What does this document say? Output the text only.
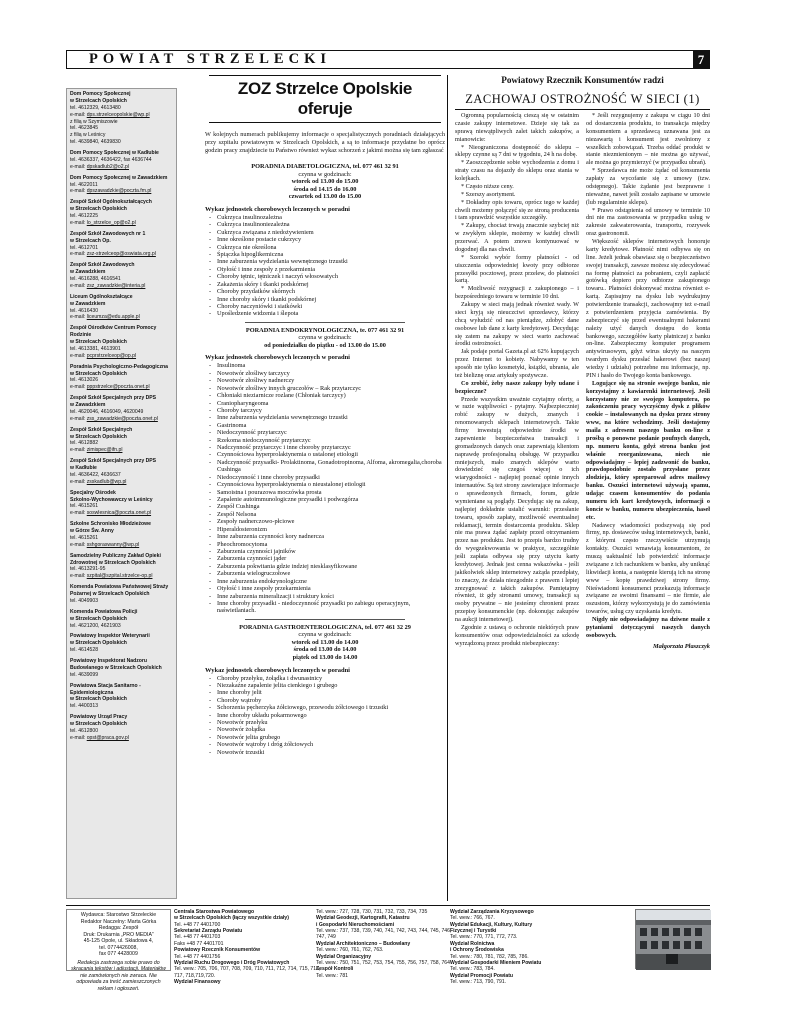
POWIAT STRZELECKI	7
Dom Pomocy Społecznej
w Strzelcach Opolskich
tel. 4612329, 4613480
e-mail: dps.strzelceopolskie@wp.pl
z filią w Szymiszowie
tel. 4623845
z filią w Leśnicy
tel. 4639840, 4639830
Dom Pomocy Społecznej w Kadłubie
tel. 4636337, 4636422, fax 4636744
e-mail: dpskadlub2@o2.pl
Dom Pomocy Społecznej w Zawadzkiem
tel. 4622011
e-mail: dpszawadzkie@poczta.fm.pl
Zespół Szkół Ogólnokształcących
w Strzelcach Opolskich
tel. 4612225
e-mail: lo_strzelce_op@o2.pl
Zespół Szkół Zawodowych nr 1
w Strzelcach Op.
tel. 4612701
e-mail: zsz-strzelceop@oswiata.org.pl
Zespół Szkół Zawodowych
w Zawadzkiem
tel. 4616288, 4616541
e-mail: zsz_zawadzkie@interia.pl
Liceum Ogólnokształcące
w Zawadzkiem
tel. 4616430
e-mail: liceumza@edu.apple.pl
Zespół Ośrodków Centrum Pomocy Rodzinie
w Strzelcach Opolskich
tel. 4613381, 4613901
e-mail: pcprstrzelceop@op.pl
Poradnia Psychologiczno-Pedagogiczna
w Strzelcach Opolskich
tel. 4613026
e-mail: pppstrzelce@poczta.onet.pl
Zespół Szkół Specjalnych przy DPS
w Zawadzkiem
tel. 4620046, 4616049, 4620049
e-mail: zss_zawadzkie@poczta.onet.pl
Zespół Szkół Specjalnych
w Strzelcach Opolskich
tel. 4612882
e-mail: zimispec@ifn.pl
Zespół Szkół Specjalnych przy DPS
w Kadłubie
tel. 4636422, 4636637
e-mail: zsskadlub@wp.pl
Specjalny Ośrodek
Szkolno-Wychowawczy w Leśnicy
tel. 4615261
e-mail: soswlesnica@poczta.onet.pl
Szkolne Schronisko Młodzieżowe
w Górze Św. Anny
tel. 4615261
e-mail: sshgoraswanny@wp.pl
Samodzielny Publiczny Zakład Opieki
Zdrowotnej w Strzelcach Opolskich
tel. 4613291-95
e-mail: szpital@szpital.strzelce-op.pl
Komenda Powiatowa Państwowej Straży
Pożarnej w Strzelcach Opolskich
tel. 4049903
Komenda Powiatowa Policji
w Strzelcach Opolskich
tel. 4621200, 4621903
Powiatowy Inspektor Weterynarii
w Strzelcach Opolskich
tel. 4614528
Powiatowy Inspektorat Nadzoru
Budowlanego w Strzelcach Opolskich
tel. 4639099
Powiatowa Stacja Sanitarno -
Epidemiologiczna
w Strzelcach Opolskich
tel. 4400313
Powiatowy Urząd Pracy
w Strzelcach Opolskich
tel. 4612800
e-mail: opst@praca.gov.pl
ZOZ Strzelce Opolskie oferuje
W kolejnych numerach publikujemy informacje o specjalistycznych poradniach działających przy szpitalu powiatowym w Strzelcach Opolskich, a są to informacje przydatne bo oprócz godzin pracy znajdziecie tu Państwo również wykaz schorzeń z jakimi można się tam zgłaszać
PORADNIA DIABETOLOGICZNA, tel. 077 461 32 91
czynna w godzinach:
wtorek od 13.00 do 15.00
środa od 14.15 do 16.00
czwartek od 13.00 do 15.00
Wykaz jednostek chorobowych leczonych w poradni
- Cukrzyca insulinozależna
- Cukrzyca insulinoniezależna
- Cukrzyca związana z niedożywieniem
- Inne określone postacie cukrzycy
- Cukrzyca nie określona
- Śpiączka hipoglikemiczna
- Inne zaburzenia wydzielania wewnętrznego trzustki
- Otyłość i inne zespoły z przekarmienia
- Choroby tętnic, tętniczek i naczyń włosowatych
- Zakażenia skóry i tkanki podskórnej
- Choroby przydatków skórnych
- Inne choroby skóry i tkanki podskórnej
- Choroby naczyniówki i siatkówki
- Upośledzenie widzenia i ślepota
PORADNIA ENDOKRYNOLOGICZNA, te. 077 461 32 91
czynna w godzinach:
od poniedziałku do piątku - od 13.00 do 15.00
Wykaz jednostek chorobowych leczonych w poradni
- Insulinoma
- Nowotwór złośliwy tarczycy
- Nowotwór złośliwy nadnerczy
- Nowotwór złośliwy innych gruczołów – Rak przytarczyc
- Chłoniaki nieziarnicze rozlane (Chłoniak tarczycy)
- Craniopharyngeoma
- Choroby tarczycy
- Inne zaburzenia wydzielania wewnętrznego trzustki
- Gastrinoma
- Niedoczynność przytarczyc
- Rzekoma niedoczynność przytarczyc
- Nadczynność przytarczyc i inne choroby przytarczyc
- Czynnościowa hyperprolaktynemia o ustalonej etiologii
- Nadczynność przysadki- Prolaktinoma, Gonadotropinoma, Alfoma, akromegalia,choroba Cushinga
- Niedoczynność i inne choroby przysadki
- Czynnościowa hyperprolaktynemia o nieustalonej etiologii
- Samoistna i pourazowa moczówka prosta
- Zapalenie autoimmunologiczne przysadki i podwzgórza
- Zespół Cushinga
- Zespół Nelsona
- Zespoły nadnerczowo-płciowe
- Hiperaldosteronizm
- Inne zaburzenia czynności kory nadnercza
- Pheochromocytoma
- Zaburzenia czynności jajników
- Zaburzenia czynności jąder
- Zaburzenia pokwitania gdzie indziej niesklasyfikowane
- Zaburzenia wielogruczołowe
- Inne zaburzenia endokrynologiczne
- Otyłość i inne zespoły przekarmienia
- Inne zaburzenia mineralizacji i struktury kości
- Inne choroby przysadki - niedoczynność przysadki po zabiegu operacyjnym, naświetlaniach.
PORADNIA GASTROENTEROLOGICZNA, tel. 077 461 32 29
czynna w godzinach:
wtorek od 13.00 do 14.00
środa od 13.00 do 14.00
piątek od 13.00 do 14.00
Wykaz jednostek chorobowych leczonych w poradni
- Choroby przełyku, żołądka i dwunastnicy
- Niezakaźne zapalenie jelita cienkiego i grubego
- Inne choroby jelit
- Choroby wątroby
- Schorzenia pęcherzyka żółciowego, przewodu żółciowego i trzustki
- Inne choroby układu pokarmowego
- Nowotwór przełyku
- Nowotwór żołądka
- Nowotwór jelita grubego
- Nowotwór wątroby i dróg żółciowych
- Nowotwór trzustki
Powiatowy Rzecznik Konsumentów radzi
ZACHOWAJ OSTROŻNOŚĆ W SIECI (1)

Ogromną popularnością cieszą się w ostatnim czasie zakupy internetowe. Dzieje się tak za sprawą niewątpliwych zalet takich zakupów, a mianowicie:

* Nieograniczona dostępność do sklepu – sklepy czynne są 7 dni w tygodniu, 24 h na dobę.

* Zaoszczędzenie sobie wychodzenia z domu i straty czasu na dojazdy do sklepu oraz stania w kolejkach.

* Często niższe ceny.

* Szerszy asortyment.

* Dokładny opis towaru, oprócz tego w każdej chwili możemy połączyć się ze stroną producenta i tam sprawdzić wszystkie szczegóły.

* Zakupy, chociaż trwają znacznie szybciej niż w zwykłym sklepie, możemy w każdej chwili przerwać. A potem znowu kontynuować w dogodnej dla nas chwili.

* Szeroki wybór formy płatności - od uiszczenia odpowiedniej kwoty przy odbiorze przesyłki pocztowej, przez przelew, do płatności kartą.

* Możliwość rezygnacji z zakupionego – i bezpośredniego towaru w terminie 10 dni.

Zakupy w sieci mają jednak również wady. W sieci kryją się nieuczciwi sprzedawcy, którzy chcą wyłudzić od nas pieniądze, zdobyć dane osobowe lub dane z karty kredytowej. Decydując się zatem na zakupy w sieci warto zachować środki ostrożności.

Jak podaje portal Gazeta.pl aż 62% kupujących przez Internet to kobiety. Nabywamy w ten sposób nie tylko kosmetyki, książki, ubrania, ale też bieliznę oraz artykuły spożywcze.

Co zrobić, żeby nasze zakupy były udane i bezpieczne?

Przede wszystkim uważnie czytajmy oferty, a w razie wątpliwości - pytajmy. Najbezpieczniej robić zakupy w dużych, znanych i renomowanych sklepach internetowych. Takie firmy inwestują odpowiednie środki w zapewnienie bezpieczeństwa transakcji i gromadzonych danych oraz zapewniają klientom naprawdę profesjonalną obsługę. W przypadku mniejszych, mało znanych sklepów warto dowiedzieć się czegoś więcej o ich wiarygodności - najlepiej poznać opinie innych internautów. Są też strony zawierające informacje o sprawdzonych firmach, forum, gdzie wymieniane są poglądy. Decydując się na zakup, najlepiej dokładnie ustalić warunki: przesłanie towaru, sposób zapłaty, możliwość ewentualnej reklamacji, termin dostarczenia produktu. Sklep nie ma prawa żądać zapłaty przed otrzymaniem przez nas produktu. Jest to przepis bardzo trudny do wyegzekwowania w praktyce, szczególnie jeśli zapłata odbywa się przy użyciu karty kredytowej. Jednak jest cenna wskazówka - jeśli jakikolwiek sklep internetowy zażąda przedpłaty, to znaczy, że działa niezgodnie z prawem i lepiej zrezygnować z takich zakupów. Pamiętajmy również, iż gdy stronami umowy, transakcji są osoby prywatne – nie jesteśmy chronieni przez przepisy konsumenckie (np. dokonując zakupów na aukcji internetowej).

Zgodnie z ustawą o ochronie niektórych praw konsumentów oraz odpowiedzialności za szkodę wyrządzoną przez produkt niebezpieczny:

* Jeśli rezygnujemy z zakupu w ciągu 10 dni od dostarczenia produktu, to transakcja między konsumentem a sprzedawcą uznawana jest za niezawartą i konsument jest zwolniony z wszelkich zobowiązań. Trzeba oddać produkt w stanie niezmienionym – nie można go używać, ale można go przymierzyć (w przypadku ubrań).

* Sprzedawca nie może żądać od konsumenta zapłaty za wycofanie się z umowy (tzw. odstępnego). Takie żądanie jest bezprawne i nieważne, nawet jeśli zostało zapisane w umowie (lub regulaminie sklepu).

* Prawo odstąpienia od umowy w terminie 10 dni nie ma zastosowania w przypadku usług w zakresie zakwaterowania, transportu, rozrywek oraz gastronomii.

Większość sklepów internetowych honoruje karty kredytowe. Płatność nimi odbywa się on line. Jeżeli jednak obawiasz się o bezpieczeństwo swojej transakcji, zawsze możesz się zdecydować na formę płatności za pobraniem, czyli zapłacić gotówką dopiero przy odbiorze zakupionego towaru.. Płatności dokonywać można również e-kartą. Zapisujmy na dysku lub wydrukujmy potwierdzenie transakcji, zachowajmy też e-mail z potwierdzeniem przyjęcia zamówienia. By zabezpieczyć się przed ewentualnymi hakerami należy użyć danych dostępu do konta bankowego, szczegółów karty płatniczej z banku on-line. Zabezpieczmy komputer programem antywirusowym, gdyż wirus ukryty na naszym twardym dysku przesłać hakerowi (bez naszej wiedzy i udziału) potrzebne mu informacje, np. PIN i hasło do Twojego konta bankowego.

Logujące się na stronie swojego banku, nie korzystajmy z kawiarenki internetowej. Jeśli korzystamy nie ze swojego komputera, po zakończeniu pracy wyczyśćmy dysk z plików cookie – instalowanych na dysku przez strony www, na które wchodzimy. Jeśli dostajemy maila z adresem naszego banku on-line z prośbą o ponowne podanie poufnych danych, np. numeru konta, gdyż strona banku jest właśnie reorganizowana, niech nie odpowiadajmy – lepiej zadzwonić do banku, prawdopodobnie zostało przysłane przez złodzieja, który spreparował adres mailowy banku. Oszuści internetowi używają spamu, udając czasem konsumentów do podania numeru ich kart kredytowych, informacji o koncie w banku, numeru ubezpieczenia, haseł etc.

Nadawcy wiadomości podszywają się pod firmy, np. dostawców usług internetowych, banki, z którymi często rzeczywiście utrzymują kontakty. Oszuści wmawiają konsumentom, że muszą uaktualnić lub potwierdzić informacje związane z ich rachunkiem w banku, aby uniknąć likwidacji konta, a następnie kierują ich na stronę www – kopię prawdziwej strony firmy. Nieświadomi konsumenci przekazują informacje związane ze swoimi finansami – nie firmie, ale oszustom, którzy wykorzystują je do zamówienia towarów, usług czy uzyskania kredytu.

Nigdy nie odpowiadajmy na dziwne maile z pytaniami dotyczącymi naszych danych osobowych.

Małgorzata Płaszczyk
Wydawca: Starostwo Strzeleckie
Redaktor Naczelny: Marta Górka
Redagga: Zespół
Druk: Drukarnia „PRO MEDIA”
45-125 Opole, ul. Składowa 4,
tel. 0774426008,
fax 077 4428009
Redakcja zastrzega sobie prawo do skracania tekstów i adiustacji. Materiałów nie zamówionych nie zwraca. Nie odpowiada za treść zamieszczonych reklam i ogłoszeń.
Centrala Starostwa Powiatowego
w Strzelcach Opolskich (łączy wszystkie działy)
Tel. +48 77 4401700
Sekretariat Zarządu Powiatu
Tel. +48 77 4401703
Faks +48 77 4401701
Powiatowy Rzecznik Konsumentów
Tel. +48 77 4401756
Wydział Ruchu Drogowego i Dróg Powiatowych
Tel. wew.: 705, 706, 707, 708, 709, 710, 711, 712, 714, 715, 716, 717, 718,719,720.
Wydział Finansowy
Tel. wew.: 727, 728, 730, 731, 732, 733, 734, 735
Wydział Geodezji, Kartografii, Katastru
i Gospodarki Nieruchomościami
Tel. wew.: 737, 738, 739, 740, 741, 742, 743, 744, 745, 746, 747, 749
Wydział Architektoniczno – Budowlany
Tel. wew.: 760, 761, 762, 763.
Wydział Organizacyjny
Tel. wew.: 750, 751, 752, 753, 754, 755, 756, 757, 758, 764
Zespół Kontroli
Tel. wew.: 781
Wydział Zarządzania Kryzysowego
Tel. wew.: 766, 767.
Wydział Edukacji, Kultury, Kultury
Fizycznej i Turystki
Tel. wew.: 770, 771, 772, 773.
Wydział Rolnictwa
i Ochrony Środowiska
Tel. wew.: 780, 781, 782, 785, 786.
Wydział Gospodarki Mieniem Powiatu
Tel. wew.: 783, 784.
Wydział Promocji Powiatu
Tel. wew.: 713, 790, 791.
